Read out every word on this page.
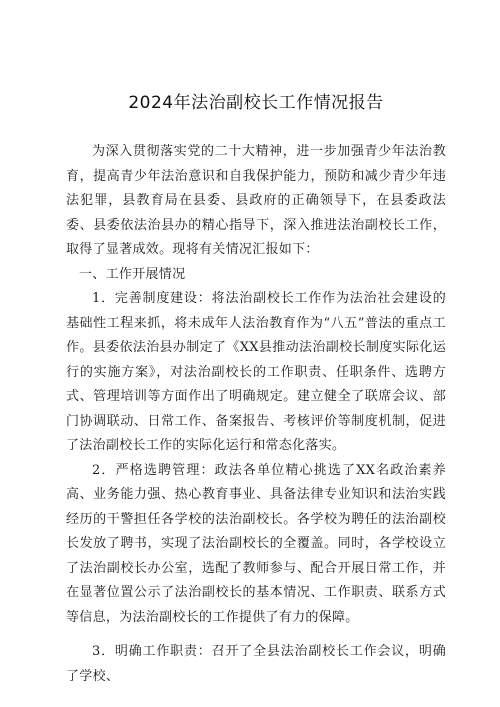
2024年法治副校长工作情况报告

为深入贯彻落实党的二十大精神，进一步加强青少年法治教育，提高青少年法治意识和自我保护能力，预防和减少青少年违法犯罪，县教育局在县委、县政府的正确领导下，在县委政法委、县委依法治县办的精心指导下，深入推进法治副校长工作，取得了显著成效。现将有关情况汇报如下：

一、工作开展情况

1．完善制度建设：将法治副校长工作作为法治社会建设的基础性工程来抓，将未成年人法治教育作为“八五”普法的重点工作。县委依法治县办制定了《XX县推动法治副校长制度实际化运行的实施方案》，对法治副校长的工作职责、任职条件、选聘方式、管理培训等方面作出了明确规定。建立健全了联席会议、部门协调联动、日常工作、备案报告、考核评价等制度机制，促进了法治副校长工作的实际化运行和常态化落实。

2．严格选聘管理：政法各单位精心挑选了XX名政治素养高、业务能力强、热心教育事业、具备法律专业知识和法治实践经历的干警担任各学校的法治副校长。各学校为聘任的法治副校长发放了聘书，实现了法治副校长的全覆盖。同时，各学校设立了法治副校长办公室，选配了教师参与、配合开展日常工作，并在显著位置公示了法治副校长的基本情况、工作职责、联系方式等信息，为法治副校长的工作提供了有力的保障。

3．明确工作职责：召开了全县法治副校长工作会议，明确了学校、
